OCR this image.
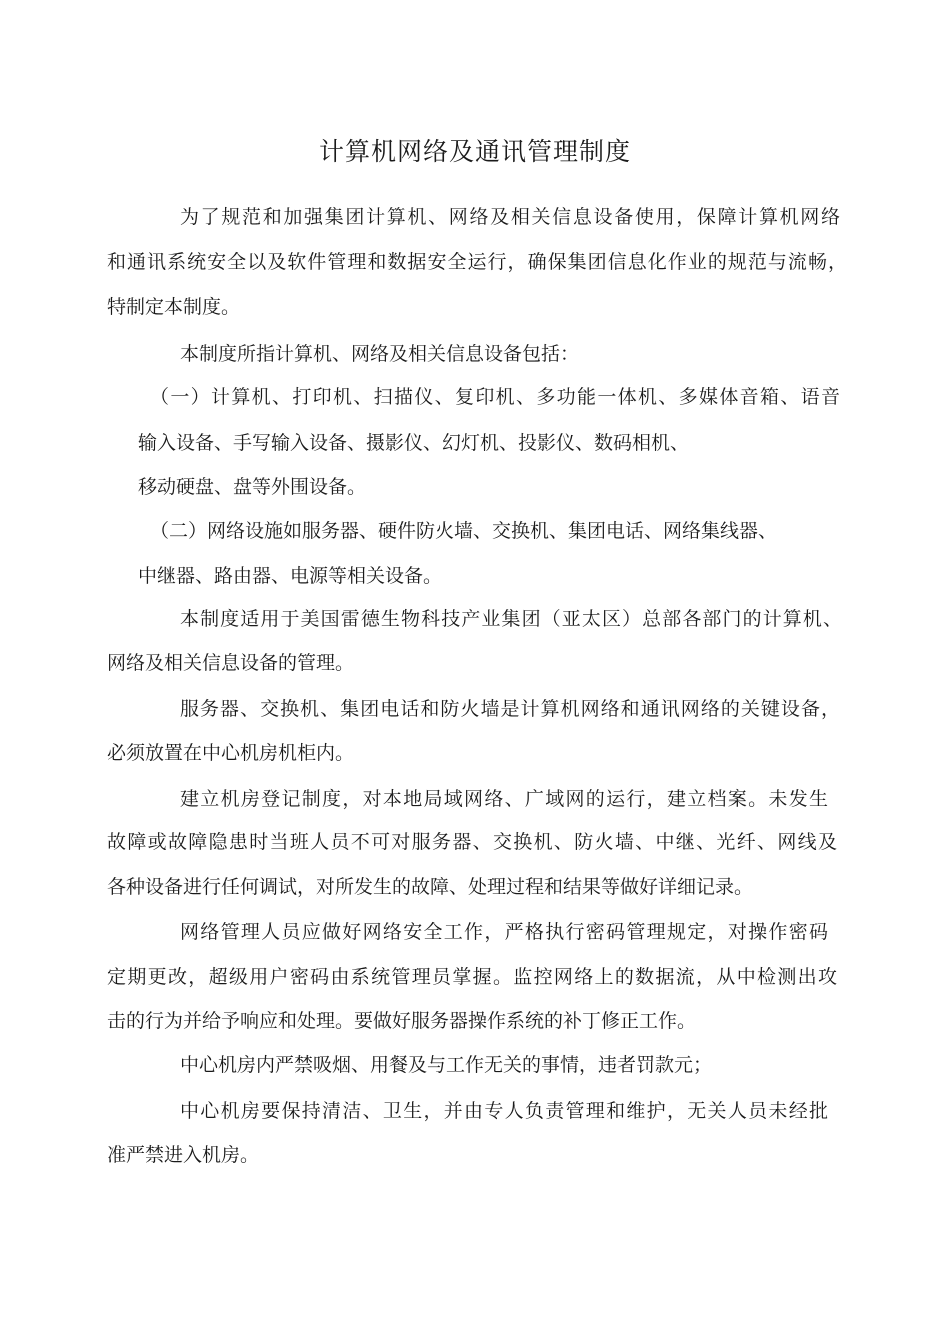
计算机网络及通讯管理制度
为了规范和加强集团计算机、网络及相关信息设备使用，保障计算机网络
和通讯系统安全以及软件管理和数据安全运行，确保集团信息化作业的规范与流畅，
特制定本制度。
本制度所指计算机、网络及相关信息设备包括：
（一）计算机、打印机、扫描仪、复印机、多功能一体机、多媒体音箱、语音
输入设备、手写输入设备、摄影仪、幻灯机、投影仪、数码相机、
移动硬盘、盘等外围设备。
（二）网络设施如服务器、硬件防火墙、交换机、集团电话、网络集线器、
中继器、路由器、电源等相关设备。
本制度适用于美国雷德生物科技产业集团（亚太区）总部各部门的计算机、
网络及相关信息设备的管理。
服务器、交换机、集团电话和防火墙是计算机网络和通讯网络的关键设备，
必须放置在中心机房机柜内。
建立机房登记制度，对本地局域网络、广域网的运行，建立档案。未发生
故障或故障隐患时当班人员不可对服务器、交换机、防火墙、中继、光纤、网线及
各种设备进行任何调试，对所发生的故障、处理过程和结果等做好详细记录。
网络管理人员应做好网络安全工作，严格执行密码管理规定，对操作密码
定期更改，超级用户密码由系统管理员掌握。监控网络上的数据流，从中检测出攻
击的行为并给予响应和处理。要做好服务器操作系统的补丁修正工作。
中心机房内严禁吸烟、用餐及与工作无关的事情，违者罚款元；
中心机房要保持清洁、卫生，并由专人负责管理和维护，无关人员未经批
准严禁进入机房。
